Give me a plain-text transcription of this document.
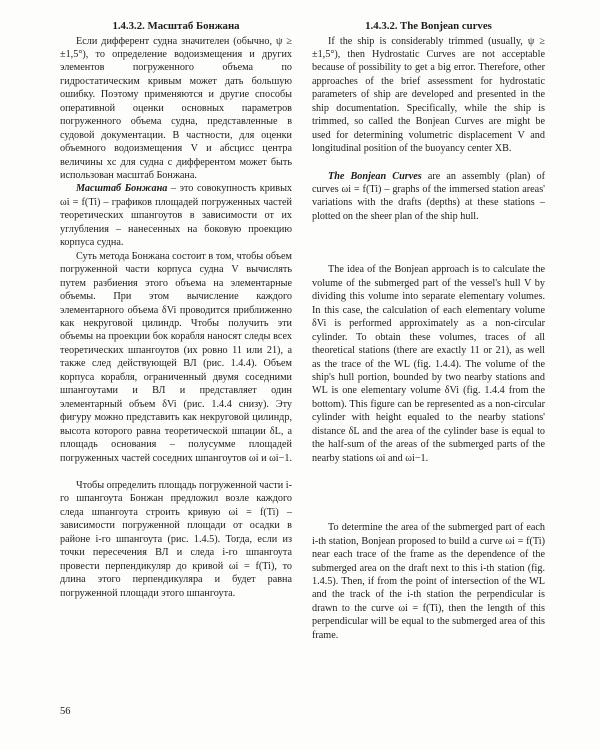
1.4.3.2. Масштаб Бонжана

Если дифферент судна значителен (обычно, ψ ≥ ±1,5°), то определение водоизмещения и других элементов погруженного объема по гидростатическим кривым может дать большую ошибку. Поэтому применяются и другие способы оперативной оценки основных параметров погруженного объема судна, представленные в судовой документации. В частности, для оценки объемного водоизмещения V и абсцисс центра величины xс для судна с дифферентом может быть использован масштаб Бонжана.

Масштаб Бонжана – это совокупность кривых ωi = f(Ti) – графиков площадей погруженных частей теоретических шпангоутов в зависимости от их углубления – нанесенных на боковую проекцию корпуса судна.

Суть метода Бонжана состоит в том, чтобы объем погруженной части корпуса судна V вычислять путем разбиения этого объема на элементарные объемы. При этом вычисление каждого элементарного объема δVi проводится приближенно как некруговой цилиндр. Чтобы получить эти объемы на проекции бок корабля наносят следы всех теоретических шпангоутов (их ровно 11 или 21), а также след действующей ВЛ (рис. 1.4.4). Объем корпуса корабля, ограниченный двумя соседними шпангоутами и ВЛ и представляет один элементарный объем δVi (рис. 1.4.4 снизу). Эту фигуру можно представить как некруговой цилиндр, высота которого равна теоретической шпации δL, а площадь основания – полусумме площадей погруженных частей соседних шпангоутов ωi и ωi−1.

Чтобы определить площадь погруженной части i-го шпангоута Бонжан предложил возле каждого следа шпангоута строить кривую ωi = f(Ti) – зависимости погруженной площади от осадки в районе i-го шпангоута (рис. 1.4.5). Тогда, если из точки пересечения ВЛ и следа i-го шпангоута провести перпендикуляр до кривой ωi = f(Ti), то длина этого перпендикуляра и будет равна погруженной площади этого шпангоута.

1.4.3.2. The Bonjean curves

If the ship is considerably trimmed (usually, ψ ≥ ±1,5°), then Hydrostatic Curves are not acceptable because of possibility to get a big error. Therefore, other approaches of the brief assessment for hydrostatic parameters of ship are developed and presented in the ship documentation. Specifically, while the ship is trimmed, so called the Bonjean Curves are might be used for determining volumetric displacement V and longitudinal position of the buoyancy center XB.

The Bonjean Curves are an assembly (plan) of curves ωi = f(Ti) – graphs of the immersed station areas' variations with the drafts (depths) at these stations – plotted on the sheer plan of the ship hull.

The idea of the Bonjean approach is to calculate the volume of the submerged part of the vessel's hull V by dividing this volume into separate elementary volumes. In this case, the calculation of each elementary volume δVi is performed approximately as a non-circular cylinder. To obtain these volumes, traces of all theoretical stations (there are exactly 11 or 21), as well as the trace of the WL (fig. 1.4.4). The volume of the ship's hull portion, bounded by two nearby stations and WL is one elementary volume δVi (fig. 1.4.4 from the bottom). This figure can be represented as a non-circular cylinder with height equaled to the nearby stations' distance δL and the area of the cylinder base is equal to the half-sum of the areas of the submerged parts of the nearby stations ωi and ωi−1.

To determine the area of the submerged part of each i-th station, Bonjean proposed to build a curve ωi = f(Ti) near each trace of the frame as the dependence of the submerged area on the draft next to this i-th station (fig. 1.4.5). Then, if from the point of intersection of the WL and the track of the i-th station the perpendicular is drawn to the curve ωi = f(Ti), then the length of this perpendicular will be equal to the submerged area of this frame.

56
